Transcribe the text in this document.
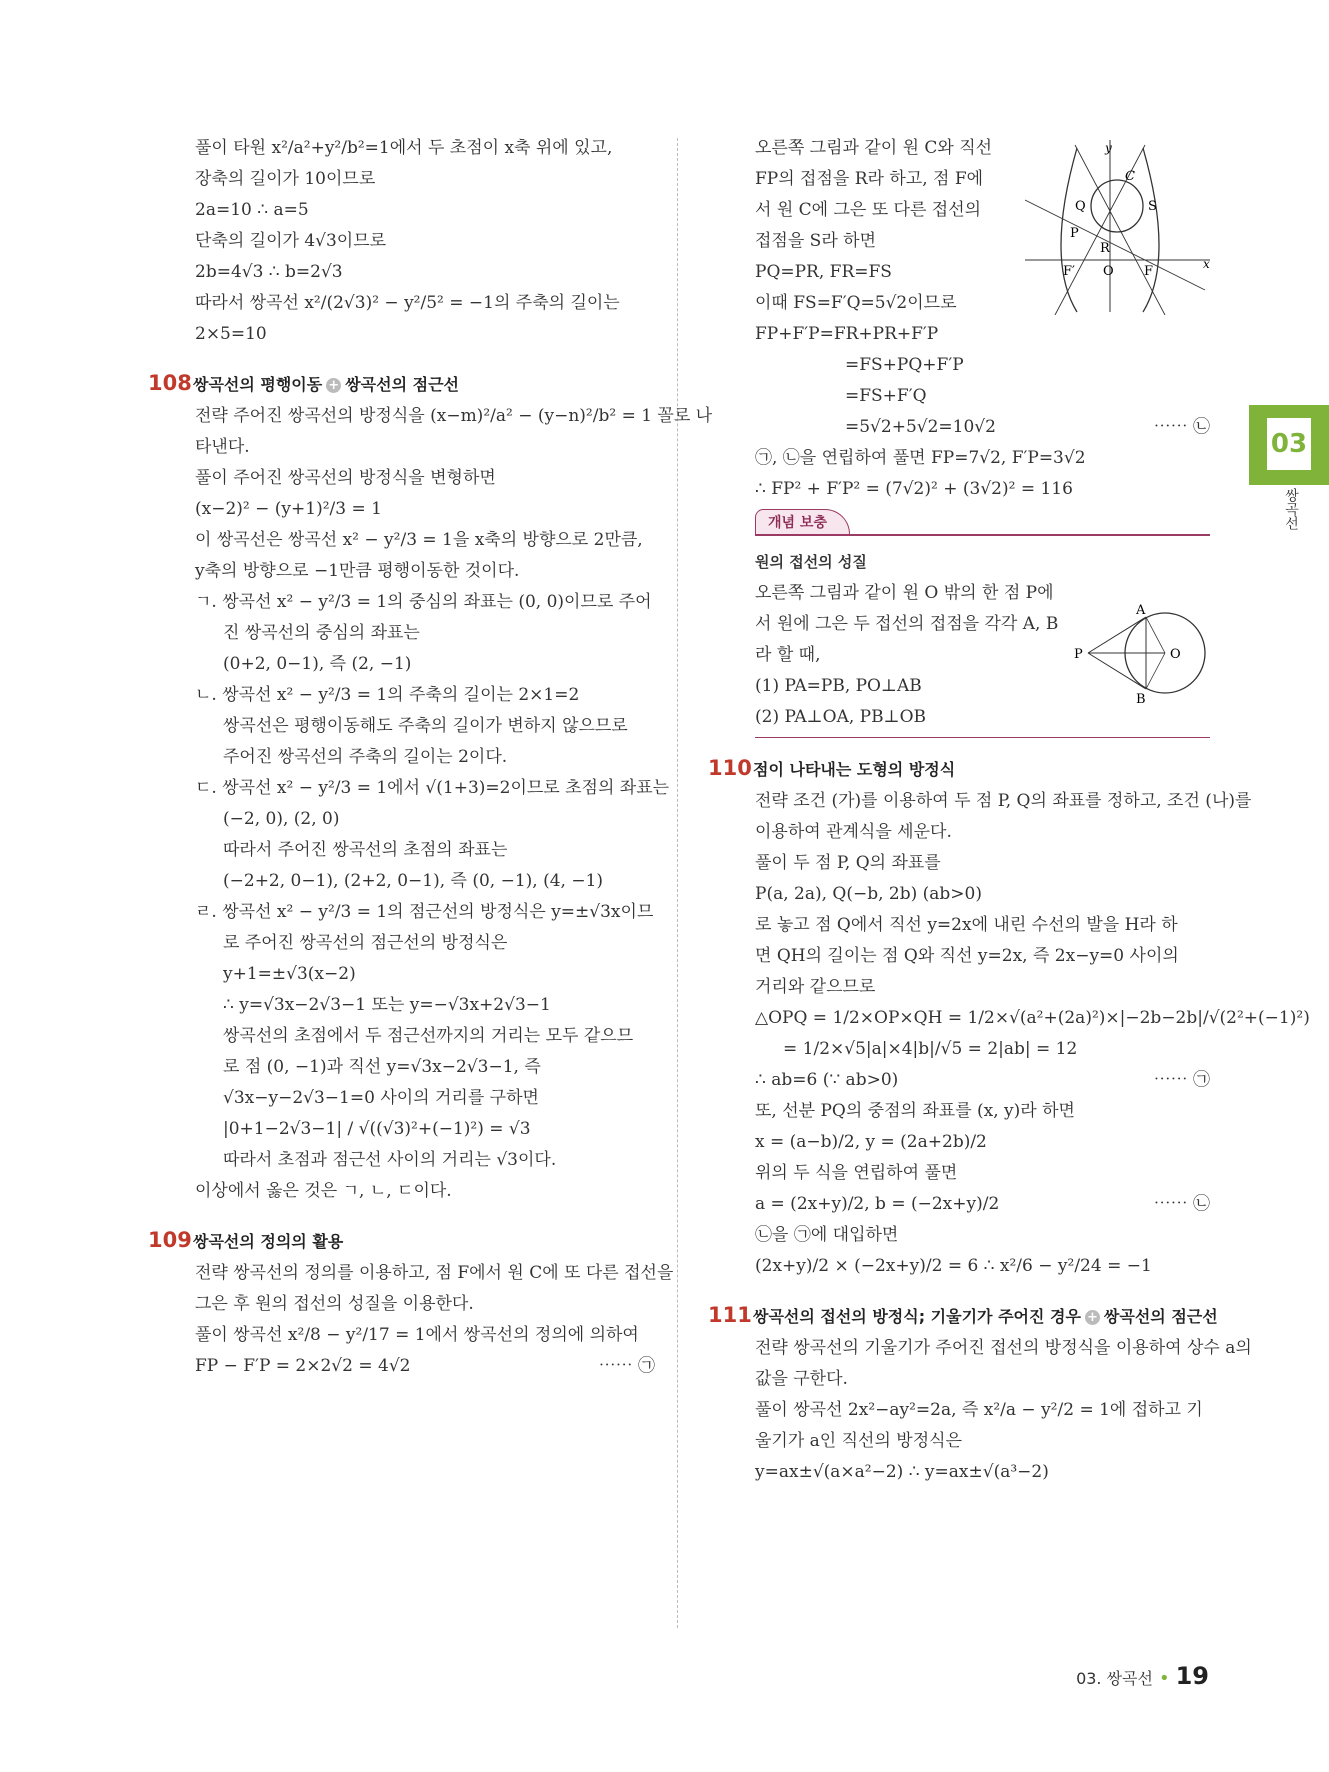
풀이 타원 x²/a²+y²/b²=1에서 두 초점이 x축 위에 있고,
장축의 길이가 10이므로
2a=10 ∴ a=5
단축의 길이가 4√3이므로
2b=4√3 ∴ b=2√3
따라서 쌍곡선 x²/(2√3)² − y²/5² = −1의 주축의 길이는
2×5=10
108쌍곡선의 평행이동 + 쌍곡선의 점근선
전략 주어진 쌍곡선의 방정식을 (x−m)²/a² − (y−n)²/b² = 1 꼴로 나
타낸다.
풀이 주어진 쌍곡선의 방정식을 변형하면
(x−2)² − (y+1)²/3 = 1
이 쌍곡선은 쌍곡선 x² − y²/3 = 1을 x축의 방향으로 2만큼,
y축의 방향으로 −1만큼 평행이동한 것이다.
ㄱ. 쌍곡선 x² − y²/3 = 1의 중심의 좌표는 (0, 0)이므로 주어
진 쌍곡선의 중심의 좌표는
(0+2, 0−1), 즉 (2, −1)
ㄴ. 쌍곡선 x² − y²/3 = 1의 주축의 길이는 2×1=2
쌍곡선은 평행이동해도 주축의 길이가 변하지 않으므로
주어진 쌍곡선의 주축의 길이는 2이다.
ㄷ. 쌍곡선 x² − y²/3 = 1에서 √(1+3)=2이므로 초점의 좌표는
(−2, 0), (2, 0)
따라서 주어진 쌍곡선의 초점의 좌표는
(−2+2, 0−1), (2+2, 0−1), 즉 (0, −1), (4, −1)
ㄹ. 쌍곡선 x² − y²/3 = 1의 점근선의 방정식은 y=±√3x이므
로 주어진 쌍곡선의 점근선의 방정식은
y+1=±√3(x−2)
∴ y=√3x−2√3−1 또는 y=−√3x+2√3−1
쌍곡선의 초점에서 두 점근선까지의 거리는 모두 같으므
로 점 (0, −1)과 직선 y=√3x−2√3−1, 즉
√3x−y−2√3−1=0 사이의 거리를 구하면
|0+1−2√3−1| / √((√3)²+(−1)²) = √3
따라서 초점과 점근선 사이의 거리는 √3이다.
이상에서 옳은 것은 ㄱ, ㄴ, ㄷ이다.
109쌍곡선의 정의의 활용
전략 쌍곡선의 정의를 이용하고, 점 F에서 원 C에 또 다른 접선을
그은 후 원의 접선의 성질을 이용한다.
풀이 쌍곡선 x²/8 − y²/17 = 1에서 쌍곡선의 정의에 의하여
FP − F′P = 2×2√2 = 4√2	⋯⋯ ㉠
오른쪽 그림과 같이 원 C와 직선
FP의 접점을 R라 하고, 점 F에
서 원 C에 그은 또 다른 접선의
접점을 S라 하면
PQ=PR, FR=FS
이때 FS=F′Q=5√2이므로
FP+F′P=FR+PR+F′P
=FS+PQ+F′P
=FS+F′Q
=5√2+5√2=10√2	⋯⋯ ㉡
㉠, ㉡을 연립하여 풀면 FP=7√2, F′P=3√2
∴ FP² + F′P² = (7√2)² + (3√2)² = 116
개념 보충
원의 접선의 성질
오른쪽 그림과 같이 원 O 밖의 한 점 P에
서 원에 그은 두 접선의 접점을 각각 A, B
라 할 때,
(1) PA=PB, PO⊥AB
(2) PA⊥OA, PB⊥OB
110점이 나타내는 도형의 방정식
전략 조건 (가)를 이용하여 두 점 P, Q의 좌표를 정하고, 조건 (나)를
이용하여 관계식을 세운다.
풀이 두 점 P, Q의 좌표를
P(a, 2a), Q(−b, 2b) (ab>0)
로 놓고 점 Q에서 직선 y=2x에 내린 수선의 발을 H라 하
면 QH의 길이는 점 Q와 직선 y=2x, 즉 2x−y=0 사이의
거리와 같으므로
△OPQ = 1/2×OP×QH = 1/2×√(a²+(2a)²)×|−2b−2b|/√(2²+(−1)²)
= 1/2×√5|a|×4|b|/√5 = 2|ab| = 12
∴ ab=6 (∵ ab>0)	⋯⋯ ㉠
또, 선분 PQ의 중점의 좌표를 (x, y)라 하면
x = (a−b)/2, y = (2a+2b)/2
위의 두 식을 연립하여 풀면
a = (2x+y)/2, b = (−2x+y)/2	⋯⋯ ㉡
㉡을 ㉠에 대입하면
(2x+y)/2 × (−2x+y)/2 = 6 ∴ x²/6 − y²/24 = −1
111쌍곡선의 접선의 방정식; 기울기가 주어진 경우 + 쌍곡선의 점근선
전략 쌍곡선의 기울기가 주어진 접선의 방정식을 이용하여 상수 a의
값을 구한다.
풀이 쌍곡선 2x²−ay²=2a, 즉 x²/a − y²/2 = 1에 접하고 기
울기가 a인 직선의 방정식은
y=ax±√(a×a²−2) ∴ y=ax±√(a³−2)
y
x
C
Q	S
P
R
F′ O F
A
B
P	O
03
쌍곡선
03. 쌍곡선 • 19
